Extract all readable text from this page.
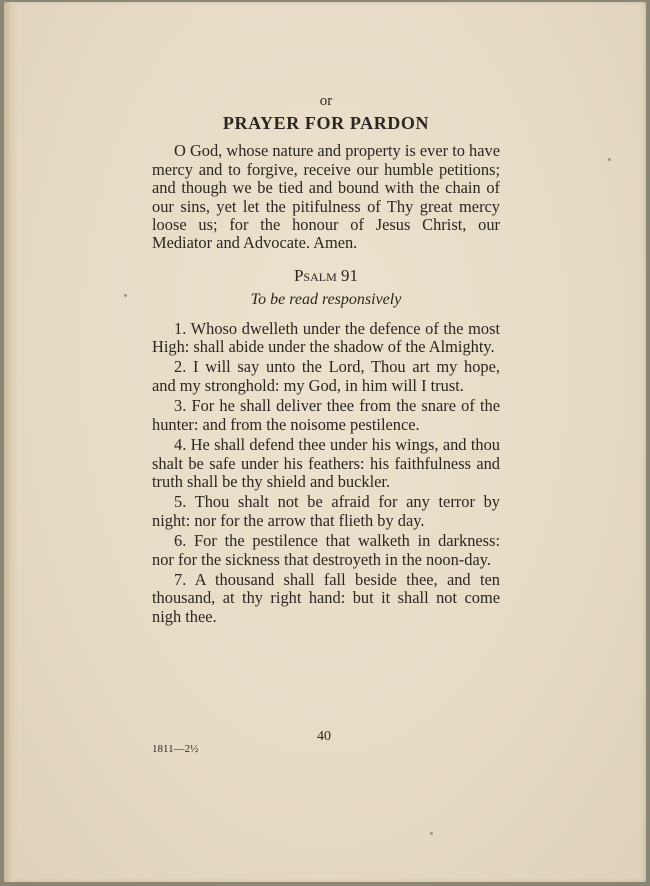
or

PRAYER FOR PARDON

O God, whose nature and property is ever to have mercy and to forgive, receive our humble petitions; and though we be tied and bound with the chain of our sins, yet let the pitifulness of Thy great mercy loose us; for the honour of Jesus Christ, our Mediator and Advocate. Amen.

Psalm 91

To be read responsively

1. Whoso dwelleth under the defence of the most High: shall abide under the shadow of the Almighty.

2. I will say unto the Lord, Thou art my hope, and my stronghold: my God, in him will I trust.

3. For he shall deliver thee from the snare of the hunter: and from the noisome pestilence.

4. He shall defend thee under his wings, and thou shalt be safe under his feathers: his faithfulness and truth shall be thy shield and buckler.

5. Thou shalt not be afraid for any terror by night: nor for the arrow that flieth by day.

6. For the pestilence that walketh in darkness: nor for the sickness that destroyeth in the noon-day.

7. A thousand shall fall beside thee, and ten thousand, at thy right hand: but it shall not come nigh thee.

40
1811—2½
